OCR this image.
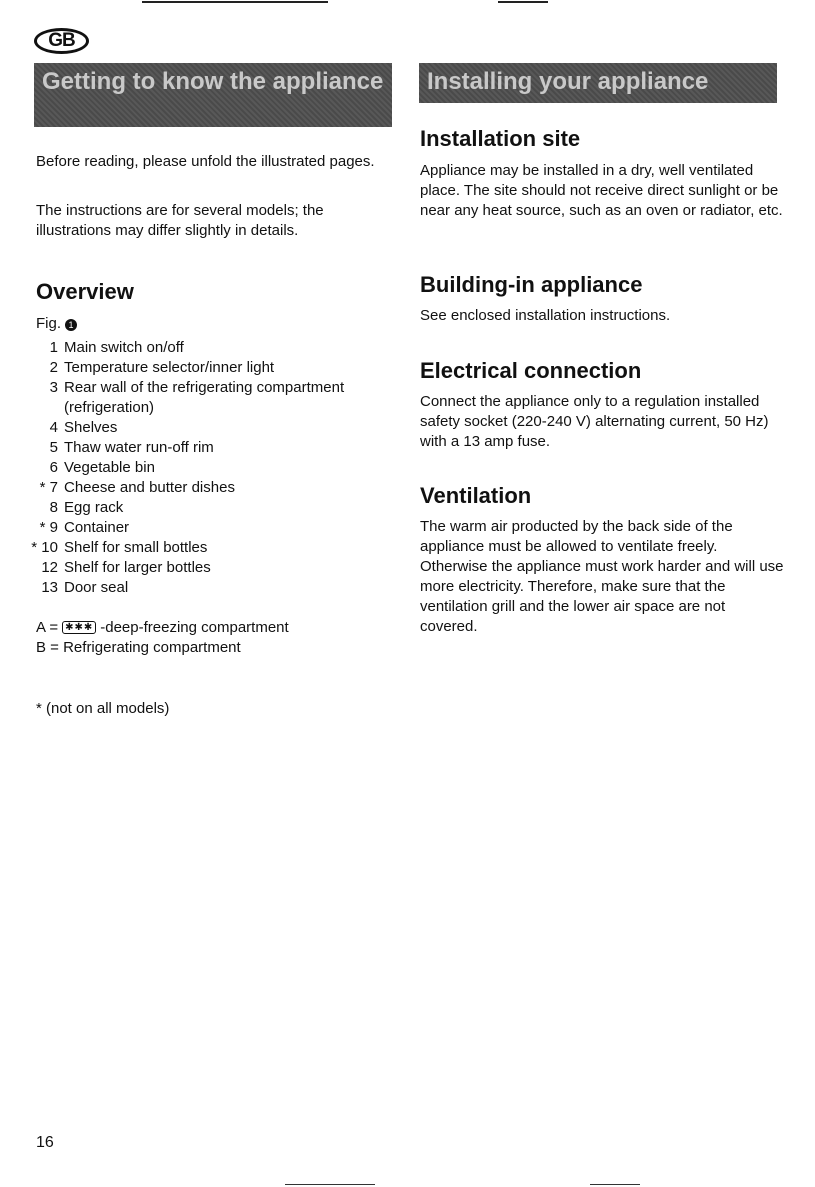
GB
Getting to know the appliance	Installing your appliance

Before reading, please unfold the illustrated pages.

The instructions are for several models; the illustrations may differ slightly in details.

Overview
Fig. 1
1 Main switch on/off
2 Temperature selector/inner light
3 Rear wall of the refrigerating compartment (refrigeration)
4 Shelves
5 Thaw water run-off rim
6 Vegetable bin
* 7 Cheese and butter dishes
8 Egg rack
* 9 Container
* 10 Shelf for small bottles
12 Shelf for larger bottles
13 Door seal
A = ✱✱✱ -deep-freezing compartment

B = Refrigerating compartment

* (not on all models)

Installation site

Appliance may be installed in a dry, well ventilated place. The site should not receive direct sunlight or be near any heat source, such as an oven or radiator, etc.

Building-in appliance

See enclosed installation instructions.

Electrical connection

Connect the appliance only to a regulation installed safety socket (220-240 V) alternating current, 50 Hz) with a 13 amp fuse.

Ventilation

The warm air producted by the back side of the appliance must be allowed to ventilate freely. Otherwise the appliance must work harder and will use more electricity. Therefore, make sure that the ventilation grill and the lower air space are not covered.

16
